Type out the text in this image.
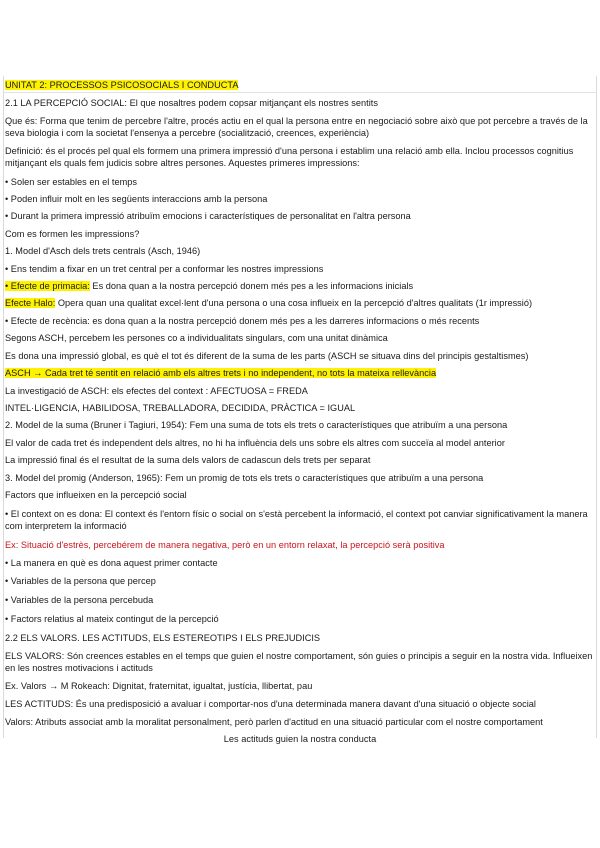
UNITAT 2: PROCESSOS PSICOSOCIALS I CONDUCTA
2.1 LA PERCEPCIÓ SOCIAL: El que nosaltres podem copsar mitjançant els nostres sentits
Que és: Forma que tenim de percebre l'altre, procés actiu en el qual la persona entre en negociació sobre això que pot percebre a través de la seva biologia i com la societat l'ensenya a percebre (socialització, creences, experiència)
Definició: és el procés pel qual els formem una primera impressió d'una persona i establim una relació amb ella. Inclou processos cognitius mitjançant els quals fem judicis sobre altres persones. Aquestes primeres impressions:
• Solen ser estables en el temps
• Poden influir molt en les següents interaccions amb la persona
• Durant la primera impressió atribuïm emocions i característiques de personalitat en l'altra persona
Com es formen les impressions?
1. Model d'Asch dels trets centrals (Asch, 1946)
• Ens tendim a fixar en un tret central per a conformar les nostres impressions
• Efecte de primacia: Es dona quan a la nostra percepció donem més pes a les informacions inicials
Efecte Halo: Opera quan una qualitat excel·lent d'una persona o una cosa influeix en la percepció d'altres qualitats (1r impressió)
• Efecte de recència: es dona quan a la nostra percepció donem més pes a les darreres informacions o més recents
Segons ASCH, percebem les persones co a individualitats singulars, com una unitat dinàmica
Es dona una impressió global, es què el tot és diferent de la suma de les parts (ASCH se situava dins del principis gestaltismes)
ASCH → Cada tret té sentit en relació amb els altres trets i no independent, no tots la mateixa rellevància
La investigació de ASCH: els efectes del context : AFECTUOSA = FREDA
INTEL·LIGENCIA, HABILIDOSA, TREBALLADORA, DECIDIDA, PRÀCTICA = IGUAL
2. Model de la suma (Bruner i Tagiuri, 1954): Fem una suma de tots els trets o característiques que atribuïm a una persona
El valor de cada tret és independent dels altres, no hi ha influència dels uns sobre els altres com succeïa al model anterior
La impressió final és el resultat de la suma dels valors de cadascun dels trets per separat
3. Model del promig (Anderson, 1965): Fem un promig de tots els trets o característiques que atribuïm a una persona
Factors que influeixen en la percepció social
• El context on es dona: El context és l'entorn físic o social on s'està percebent la informació, el context pot canviar significativament la manera com interpretem la informació
Ex: Situació d'estrès, percebérem de manera negativa, però en un entorn relaxat, la percepció serà positiva
• La manera en què es dona aquest primer contacte
• Variables de la persona que percep
• Variables de la persona percebuda
• Factors relatius al mateix contingut de la percepció
2.2 ELS VALORS. LES ACTITUDS, ELS ESTEREOTIPS I ELS PREJUDICIS
ELS VALORS: Són creences estables en el temps que guien el nostre comportament, són guies o principis a seguir en la nostra vida. Influeixen en les nostres motivacions i actituds
Ex. Valors → M Rokeach: Dignitat, fraternitat, igualtat, justícia, llibertat, pau
LES ACTITUDS: És una predisposició a avaluar i comportar-nos d'una determinada manera davant d'una situació o objecte social
Valors: Atributs associat amb la moralitat personalment, però parlen d'actitud en una situació particular com el nostre comportament
Les actituds guien la nostra conducta
